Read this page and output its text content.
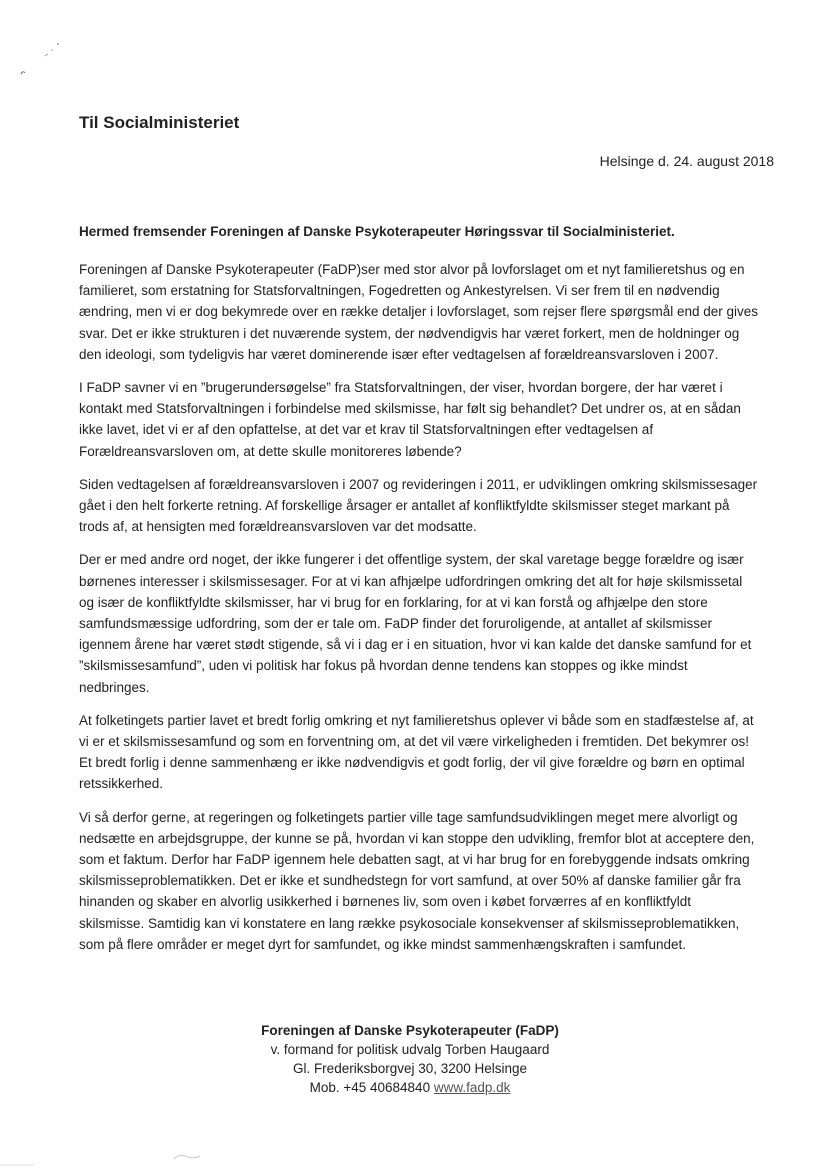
Til Socialministeriet
Helsinge d. 24. august 2018
Hermed fremsender Foreningen af Danske Psykoterapeuter Høringssvar til Socialministeriet.

Foreningen af Danske Psykoterapeuter (FaDP)ser med stor alvor på lovforslaget om et nyt familieretshus og en familieret, som erstatning for Statsforvaltningen, Fogedretten og Ankestyrelsen. Vi ser frem til en nødvendig ændring, men vi er dog bekymrede over en række detaljer i lovforslaget, som rejser flere spørgsmål end der gives svar. Det er ikke strukturen i det nuværende system, der nødvendigvis har været forkert, men de holdninger og den ideologi, som tydeligvis har været dominerende især efter vedtagelsen af forældreansvarsloven i 2007.

I FaDP savner vi en ”brugerundersøgelse” fra Statsforvaltningen, der viser, hvordan borgere, der har været i kontakt med Statsforvaltningen i forbindelse med skilsmisse, har følt sig behandlet? Det undrer os, at en sådan ikke lavet, idet vi er af den opfattelse, at det var et krav til Statsforvaltningen efter vedtagelsen af Forældreansvarsloven om, at dette skulle monitoreres løbende?

Siden vedtagelsen af forældreansvarsloven i 2007 og revideringen i 2011, er udviklingen omkring skilsmissesager gået i den helt forkerte retning. Af forskellige årsager er antallet af konfliktfyldte skilsmisser steget markant på trods af, at hensigten med forældreansvarsloven var det modsatte.

Der er med andre ord noget, der ikke fungerer i det offentlige system, der skal varetage begge forældre og især børnenes interesser i skilsmissesager. For at vi kan afhjælpe udfordringen omkring det alt for høje skilsmissetal og især de konfliktfyldte skilsmisser, har vi brug for en forklaring, for at vi kan forstå og afhjælpe den store samfundsmæssige udfordring, som der er tale om. FaDP finder det foruroligende, at antallet af skilsmisser igennem årene har været stødt stigende, så vi i dag er i en situation, hvor vi kan kalde det danske samfund for et ”skilsmissesamfund”, uden vi politisk har fokus på hvordan denne tendens kan stoppes og ikke mindst nedbringes.

At folketingets partier lavet et bredt forlig omkring et nyt familieretshus oplever vi både som en stadfæstelse af, at vi er et skilsmissesamfund og som en forventning om, at det vil være virkeligheden i fremtiden. Det bekymrer os! Et bredt forlig i denne sammenhæng er ikke nødvendigvis et godt forlig, der vil give forældre og børn en optimal retssikkerhed.

Vi så derfor gerne, at regeringen og folketingets partier ville tage samfundsudviklingen meget mere alvorligt og nedsætte en arbejdsgruppe, der kunne se på, hvordan vi kan stoppe den udvikling, fremfor blot at acceptere den, som et faktum. Derfor har FaDP igennem hele debatten sagt, at vi har brug for en forebyggende indsats omkring skilsmisseproblematikken. Det er ikke et sundhedstegn for vort samfund, at over 50% af danske familier går fra hinanden og skaber en alvorlig usikkerhed i børnenes liv, som oven i købet forværres af en konfliktfyldt skilsmisse. Samtidig kan vi konstatere en lang række psykosociale konsekvenser af skilsmisseproblematikken, som på flere områder er meget dyrt for samfundet, og ikke mindst sammenhængskraften i samfundet.

Foreningen af Danske Psykoterapeuter (FaDP)
v. formand for politisk udvalg Torben Haugaard
Gl. Frederiksborgvej 30, 3200 Helsinge
Mob. +45 40684840 www.fadp.dk
